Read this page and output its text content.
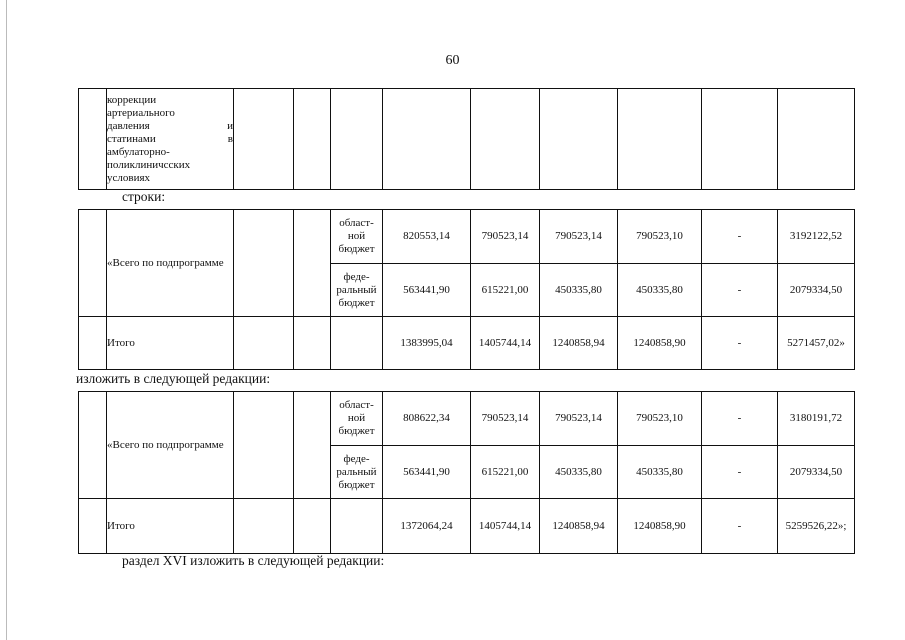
60

коррекции
артериального
давления	и
статинами	в
амбулаторно-
поликлиничсских
условиях

строки:
	«Всего по подпрограмме			област-
ной
бюджет	820553,14	790523,14	790523,14	790523,10	-	3192122,52

				феде-
ральный
бюджет	563441,90	615221,00	450335,80	450335,80	-	2079334,50
	Итого				1383995,04	1405744,14	1240858,94	1240858,90	-	5271457,02»
изложить в следующей редакции:
	«Всего по подпрограмме			област-
ной
бюджет	808622,34	790523,14	790523,14	790523,10	-	3180191,72

				феде-
ральный
бюджет	563441,90	615221,00	450335,80	450335,80	-	2079334,50
	Итого				1372064,24	1405744,14	1240858,94	1240858,90	-	5259526,22»;
раздел XVI изложить в следующей редакции:
